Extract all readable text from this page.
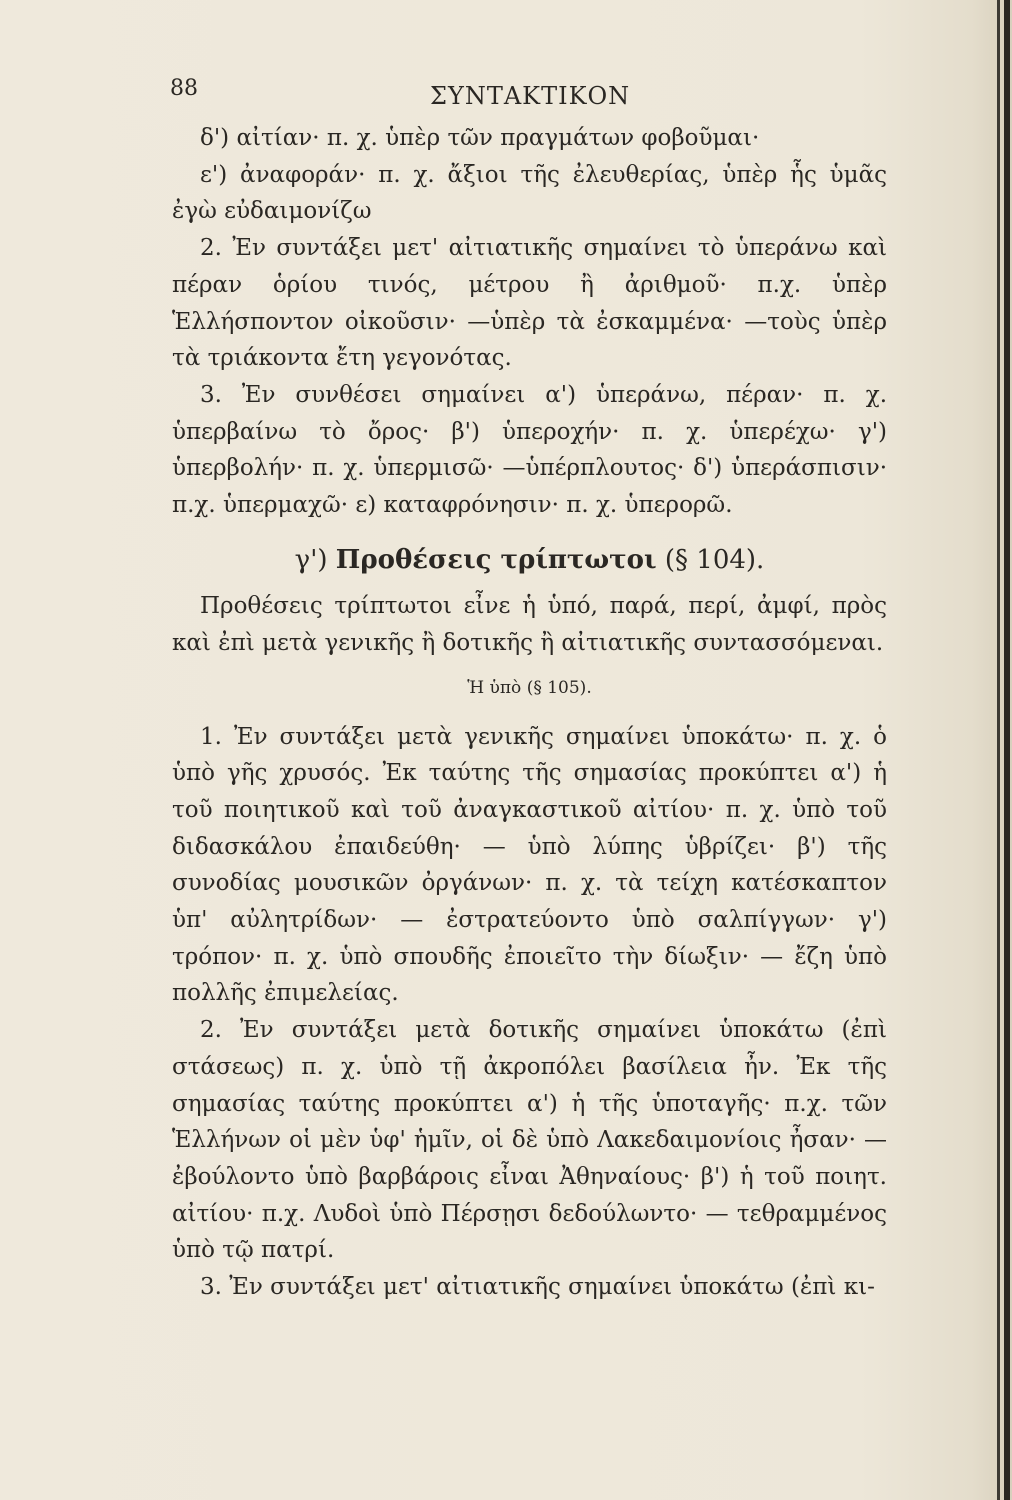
88	ΣΥΝΤΑΚΤΙΚΟΝ

δ') αἰτίαν· π. χ. ὑπὲρ τῶν πραγμάτων φοβοῦμαι·

ε') ἀναφοράν· π. χ. ἄξιοι τῆς ἐλευθερίας, ὑπὲρ ἧς ὑμᾶς ἐγὼ εὐδαιμονίζω

2. Ἐν συντάξει μετ' αἰτιατικῆς σημαίνει τὸ ὑπεράνω καὶ πέραν ὁρίου τινός, μέτρου ἢ ἀριθμοῦ· π.χ. ὑπὲρ Ἑλλήσποντον οἰκοῦσιν· —ὑπὲρ τὰ ἐσκαμμένα· —τοὺς ὑπὲρ τὰ τριάκοντα ἔτη γεγονότας.

3. Ἐν συνθέσει σημαίνει α') ὑπεράνω, πέραν· π. χ. ὑπερβαίνω τὸ ὄρος· β') ὑπεροχήν· π. χ. ὑπερέχω· γ') ὑπερβολήν· π. χ. ὑπερμισῶ· —ὑπέρπλουτος· δ') ὑπεράσπισιν· π.χ. ὑπερμαχῶ· ε) καταφρόνησιν· π. χ. ὑπερορῶ.

γ') Προθέσεις τρίπτωτοι (§ 104).

Προθέσεις τρίπτωτοι εἶνε ἡ ὑπό, παρά, περί, ἀμφί, πρὸς καὶ ἐπὶ μετὰ γενικῆς ἢ δοτικῆς ἢ αἰτιατικῆς συντασσόμεναι.

Ἡ ὑπὸ (§ 105).

1. Ἐν συντάξει μετὰ γενικῆς σημαίνει ὑποκάτω· π. χ. ὁ ὑπὸ γῆς χρυσός. Ἐκ ταύτης τῆς σημασίας προκύπτει α') ἡ τοῦ ποιητικοῦ καὶ τοῦ ἀναγκαστικοῦ αἰτίου· π. χ. ὑπὸ τοῦ διδασκάλου ἐπαιδεύθη· — ὑπὸ λύπης ὑβρίζει· β') τῆς συνοδίας μουσικῶν ὀργάνων· π. χ. τὰ τείχη κατέσκαπτον ὑπ' αὐλητρίδων· — ἐστρατεύοντο ὑπὸ σαλπίγγων· γ') τρόπον· π. χ. ὑπὸ σπουδῆς ἐποιεῖτο τὴν δίωξιν· — ἔζη ὑπὸ πολλῆς ἐπιμελείας.

2. Ἐν συντάξει μετὰ δοτικῆς σημαίνει ὑποκάτω (ἐπὶ στάσεως) π. χ. ὑπὸ τῇ ἀκροπόλει βασίλεια ἦν. Ἐκ τῆς σημασίας ταύτης προκύπτει α') ἡ τῆς ὑποταγῆς· π.χ. τῶν Ἑλλήνων οἱ μὲν ὑφ' ἡμῖν, οἱ δὲ ὑπὸ Λακεδαιμονίοις ἦσαν· — ἐβούλοντο ὑπὸ βαρβάροις εἶναι Ἀθηναίους· β') ἡ τοῦ ποιητ. αἰτίου· π.χ. Λυδοὶ ὑπὸ Πέρσῃσι δεδούλωντο· — τεθραμμένος ὑπὸ τῷ πατρί.

3. Ἐν συντάξει μετ' αἰτιατικῆς σημαίνει ὑποκάτω (ἐπὶ κι-
